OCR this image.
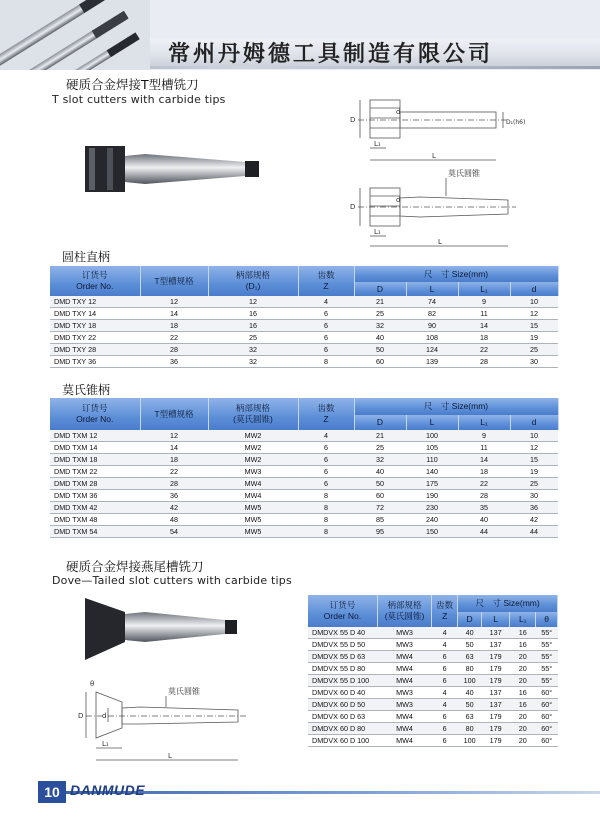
常州丹姆德工具制造有限公司
硬质合金焊接T型槽铣刀
T slot cutters with carbide tips
D
d
D₁(h6)
L₁
L
莫氏圆锥
D
d
L₁
L
圆柱直柄
订货号
Order No.	T型槽规格	柄部规格
(D₁)	齿数
Z	尺　寸 Size(mm)			
				D	L	L₁	d
DMD TXY 12	12	12	4	21	74	9	10
DMD TXY 14	14	16	6	25	82	11	12
DMD TXY 18	18	16	6	32	90	14	15
DMD TXY 22	22	25	6	40	108	18	19
DMD TXY 28	28	32	6	50	124	22	25
DMD TXY 36	36	32	8	60	139	28	30
莫氏锥柄
订货号
Order No.	T型槽规格	柄部规格
(莫氏圆锥)	齿数
Z	尺　寸 Size(mm)			
				D	L	L₁	d
DMD TXM 12	12	MW2	4	21	100	9	10
DMD TXM 14	14	MW2	6	25	105	11	12
DMD TXM 18	18	MW2	6	32	110	14	15
DMD TXM 22	22	MW3	6	40	140	18	19
DMD TXM 28	28	MW4	6	50	175	22	25
DMD TXM 36	36	MW4	8	60	190	28	30
DMD TXM 42	42	MW5	8	72	230	35	36
DMD TXM 48	48	MW5	8	85	240	40	42
DMD TXM 54	54	MW5	8	95	150	44	44
硬质合金焊接燕尾槽铣刀
Dove—Tailed slot cutters with carbide tips
θ
莫氏圆锥
D	d
L₁
L
订货号
Order No.	柄部规格
(莫氏圆锥)	齿数
Z	尺　寸 Size(mm)			
			D	L	L₁	θ
DMDVX 55 D 40	MW3	4	40	137	16	55°
DMDVX 55 D 50	MW3	4	50	137	16	55°
DMDVX 55 D 63	MW4	6	63	179	20	55°
DMDVX 55 D 80	MW4	6	80	179	20	55°
DMDVX 55 D 100	MW4	6	100	179	20	55°
DMDVX 60 D 40	MW3	4	40	137	16	60°
DMDVX 60 D 50	MW3	4	50	137	16	60°
DMDVX 60 D 63	MW4	6	63	179	20	60°
DMDVX 60 D 80	MW4	6	80	179	20	60°
DMDVX 60 D 100	MW4	6	100	179	20	60°
10 DANMUDE
